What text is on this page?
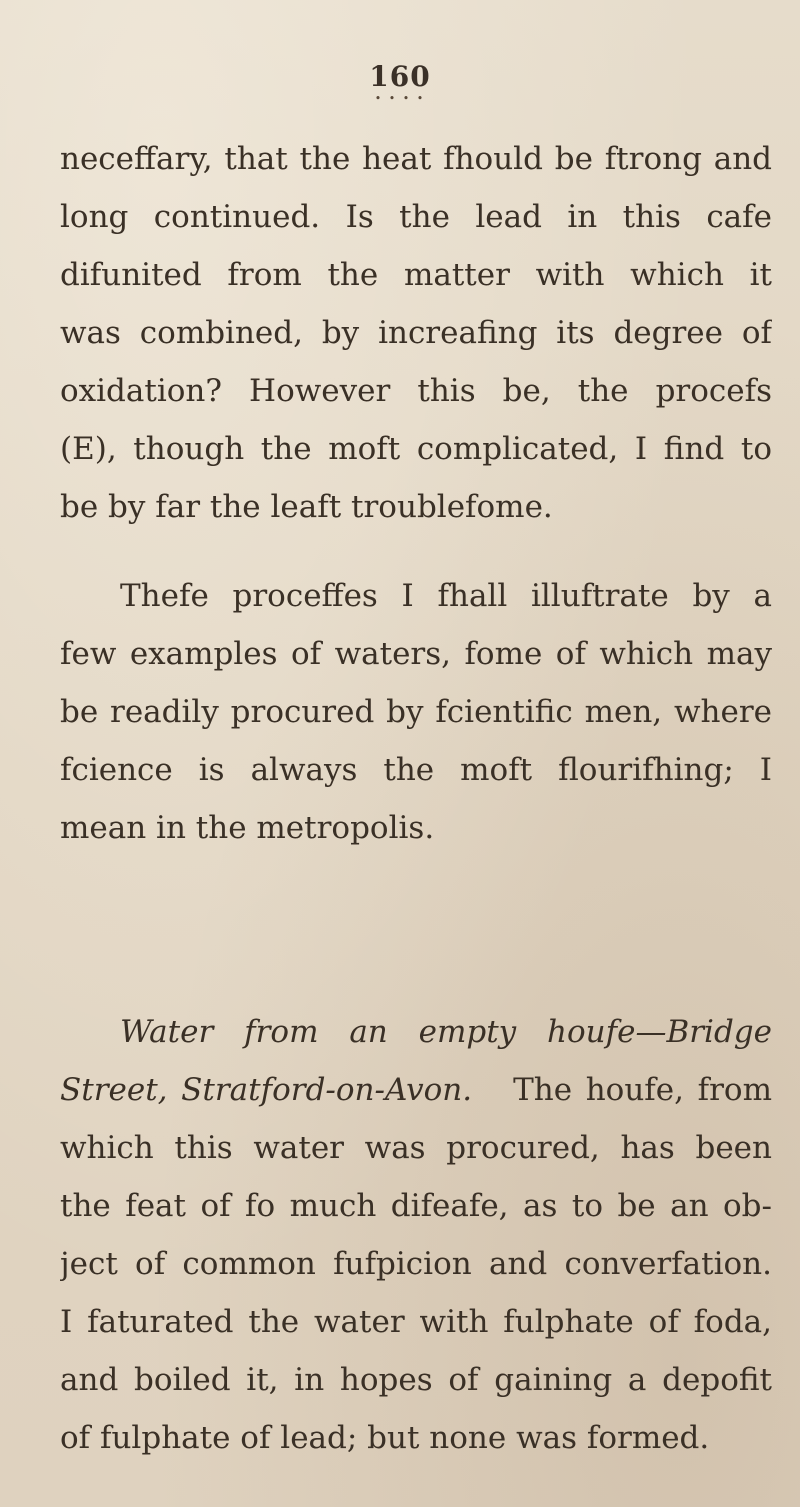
160
• • • •
neceffary, that the heat fhould be ftrong and
long continued. Is the lead in this cafe
difunited from the matter with which it
was combined, by increafing its degree of
oxidation? However this be, the procefs
(E), though the moft complicated, I find to
be by far the leaft troublefome.
Thefe proceffes I fhall illuftrate by a
few examples of waters, fome of which may
be readily procured by fcientific men, where
fcience is always the moft flourifhing; I
mean in the metropolis.
Water from an empty houfe—Bridge
Street, Stratford-on-Avon. The houfe, from
which this water was procured, has been
the feat of fo much difeafe, as to be an ob-
ject of common fufpicion and converfation.
I faturated the water with fulphate of foda,
and boiled it, in hopes of gaining a depofit
of fulphate of lead; but none was formed.
